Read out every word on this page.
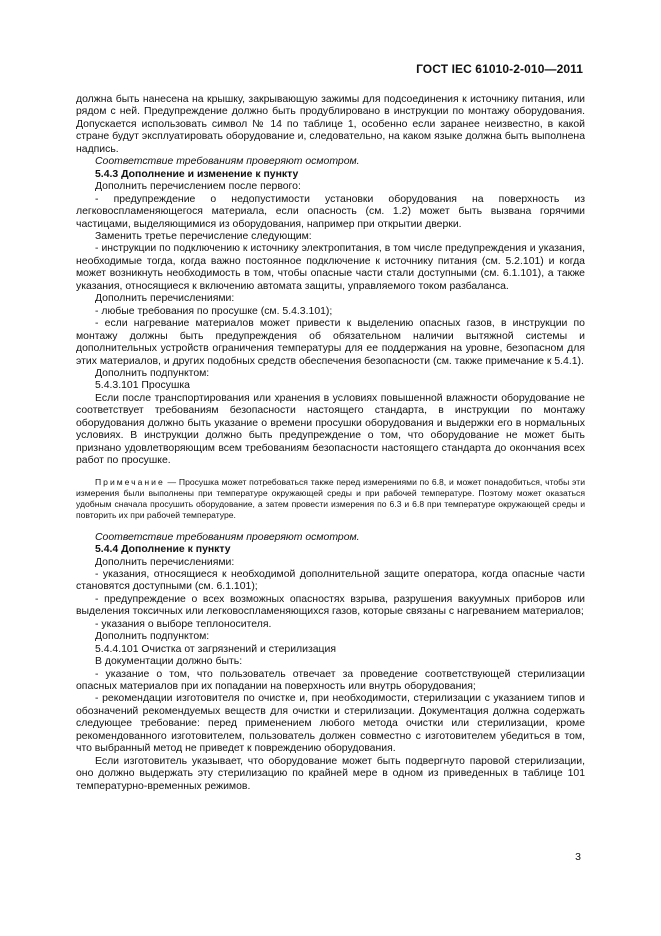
ГОСТ IEC 61010-2-010—2011

должна быть нанесена на крышку, закрывающую зажимы для подсоединения к источнику питания, или рядом с ней. Предупреждение должно быть продублировано в инструкции по монтажу оборудования. Допускается использовать символ № 14 по таблице 1, особенно если заранее неизвестно, в какой стране будут эксплуатировать оборудование и, следовательно, на каком языке должна быть выполнена надпись.

Соответствие требованиям проверяют осмотром.

5.4.3 Дополнение и изменение к пункту

Дополнить перечислением после первого:

- предупреждение о недопустимости установки оборудования на поверхность из легковоспламеняющегося материала, если опасность (см. 1.2) может быть вызвана горячими частицами, выделяющимися из оборудования, например при открытии дверки.

Заменить третье перечисление следующим:

- инструкции по подключению к источнику электропитания, в том числе предупреждения и указания, необходимые тогда, когда важно постоянное подключение к источнику питания (см. 5.2.101) и когда может возникнуть необходимость в том, чтобы опасные части стали доступными (см. 6.1.101), а также указания, относящиеся к включению автомата защиты, управляемого током разбаланса.

Дополнить перечислениями:

- любые требования по просушке (см. 5.4.3.101);

- если нагревание материалов может привести к выделению опасных газов, в инструкции по монтажу должны быть предупреждения об обязательном наличии вытяжной системы и дополнительных устройств ограничения температуры для ее поддержания на уровне, безопасном для этих материалов, и других подобных средств обеспечения безопасности (см. также примечание к 5.4.1).

Дополнить подпунктом:

5.4.3.101 Просушка

Если после транспортирования или хранения в условиях повышенной влажности оборудование не соответствует требованиям безопасности настоящего стандарта, в инструкции по монтажу оборудования должно быть указание о времени просушки оборудования и выдержки его в нормальных условиях. В инструкции должно быть предупреждение о том, что оборудование не может быть признано удовлетворяющим всем требованиям безопасности настоящего стандарта до окончания всех работ по просушке.

Примечание — Просушка может потребоваться также перед измерениями по 6.8, и может понадобиться, чтобы эти измерения были выполнены при температуре окружающей среды и при рабочей температуре. Поэтому может оказаться удобным сначала просушить оборудование, а затем провести измерения по 6.3 и 6.8 при температуре окружающей среды и повторить их при рабочей температуре.

Соответствие требованиям проверяют осмотром.

5.4.4 Дополнение к пункту

Дополнить перечислениями:

- указания, относящиеся к необходимой дополнительной защите оператора, когда опасные части становятся доступными (см. 6.1.101);

- предупреждение о всех возможных опасностях взрыва, разрушения вакуумных приборов или выделения токсичных или легковоспламеняющихся газов, которые связаны с нагреванием материалов;

- указания о выборе теплоносителя.

Дополнить подпунктом:

5.4.4.101 Очистка от загрязнений и стерилизация

В документации должно быть:

- указание о том, что пользователь отвечает за проведение соответствующей стерилизации опасных материалов при их попадании на поверхность или внутрь оборудования;

- рекомендации изготовителя по очистке и, при необходимости, стерилизации с указанием типов и обозначений рекомендуемых веществ для очистки и стерилизации. Документация должна содержать следующее требование: перед применением любого метода очистки или стерилизации, кроме рекомендованного изготовителем, пользователь должен совместно с изготовителем убедиться в том, что выбранный метод не приведет к повреждению оборудования.

Если изготовитель указывает, что оборудование может быть подвергнуто паровой стерилизации, оно должно выдержать эту стерилизацию по крайней мере в одном из приведенных в таблице 101 температурно-временных режимов.

3
